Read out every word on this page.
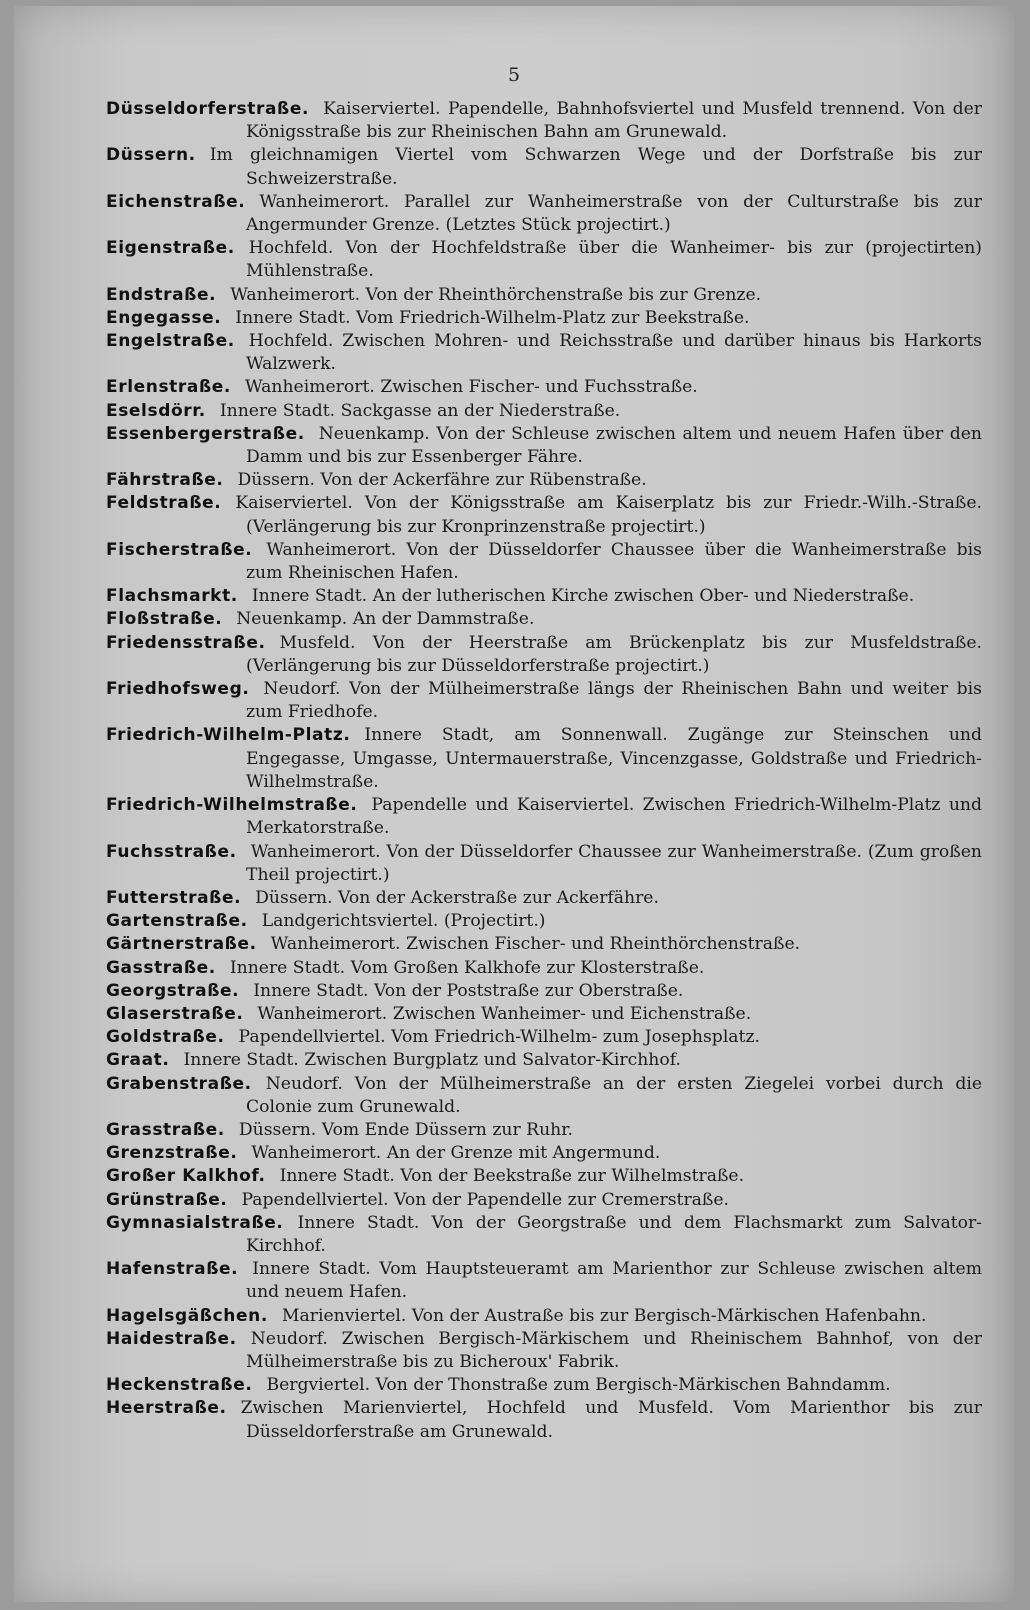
5
Düsseldorferstraße. Kaiserviertel. Papendelle, Bahnhofsviertel und Musfeld trennend. Von der Königsstraße bis zur Rheinischen Bahn am Grunewald.
Düssern. Im gleichnamigen Viertel vom Schwarzen Wege und der Dorfstraße bis zur Schweizerstraße.
Eichenstraße. Wanheimerort. Parallel zur Wanheimerstraße von der Culturstraße bis zur Angermunder Grenze. (Letztes Stück projectirt.)
Eigenstraße. Hochfeld. Von der Hochfeldstraße über die Wanheimer- bis zur (projectirten) Mühlenstraße.
Endstraße. Wanheimerort. Von der Rheinthörchenstraße bis zur Grenze.
Engegasse. Innere Stadt. Vom Friedrich-Wilhelm-Platz zur Beekstraße.
Engelstraße. Hochfeld. Zwischen Mohren- und Reichsstraße und darüber hinaus bis Harkorts Walzwerk.
Erlenstraße. Wanheimerort. Zwischen Fischer- und Fuchsstraße.
Eselsdörr. Innere Stadt. Sackgasse an der Niederstraße.
Essenbergerstraße. Neuenkamp. Von der Schleuse zwischen altem und neuem Hafen über den Damm und bis zur Essenberger Fähre.
Fährstraße. Düssern. Von der Ackerfähre zur Rübenstraße.
Feldstraße. Kaiserviertel. Von der Königsstraße am Kaiserplatz bis zur Friedr.-Wilh.-Straße. (Verlängerung bis zur Kronprinzenstraße projectirt.)
Fischerstraße. Wanheimerort. Von der Düsseldorfer Chaussee über die Wanheimerstraße bis zum Rheinischen Hafen.
Flachsmarkt. Innere Stadt. An der lutherischen Kirche zwischen Ober- und Niederstraße.
Floßstraße. Neuenkamp. An der Dammstraße.
Friedensstraße. Musfeld. Von der Heerstraße am Brückenplatz bis zur Musfeldstraße. (Verlängerung bis zur Düsseldorferstraße projectirt.)
Friedhofsweg. Neudorf. Von der Mülheimerstraße längs der Rheinischen Bahn und weiter bis zum Friedhofe.
Friedrich-Wilhelm-Platz. Innere Stadt, am Sonnenwall. Zugänge zur Steinschen und Engegasse, Umgasse, Untermauerstraße, Vincenzgasse, Goldstraße und Friedrich-Wilhelmstraße.
Friedrich-Wilhelmstraße. Papendelle und Kaiserviertel. Zwischen Friedrich-Wilhelm-Platz und Merkatorstraße.
Fuchsstraße. Wanheimerort. Von der Düsseldorfer Chaussee zur Wanheimerstraße. (Zum großen Theil projectirt.)
Futterstraße. Düssern. Von der Ackerstraße zur Ackerfähre.
Gartenstraße. Landgerichtsviertel. (Projectirt.)
Gärtnerstraße. Wanheimerort. Zwischen Fischer- und Rheinthörchenstraße.
Gasstraße. Innere Stadt. Vom Großen Kalkhofe zur Klosterstraße.
Georgstraße. Innere Stadt. Von der Poststraße zur Oberstraße.
Glaserstraße. Wanheimerort. Zwischen Wanheimer- und Eichenstraße.
Goldstraße. Papendellviertel. Vom Friedrich-Wilhelm- zum Josephsplatz.
Graat. Innere Stadt. Zwischen Burgplatz und Salvator-Kirchhof.
Grabenstraße. Neudorf. Von der Mülheimerstraße an der ersten Ziegelei vorbei durch die Colonie zum Grunewald.
Grasstraße. Düssern. Vom Ende Düssern zur Ruhr.
Grenzstraße. Wanheimerort. An der Grenze mit Angermund.
Großer Kalkhof. Innere Stadt. Von der Beekstraße zur Wilhelmstraße.
Grünstraße. Papendellviertel. Von der Papendelle zur Cremerstraße.
Gymnasialstraße. Innere Stadt. Von der Georgstraße und dem Flachsmarkt zum Salvator-Kirchhof.
Hafenstraße. Innere Stadt. Vom Hauptsteueramt am Marienthor zur Schleuse zwischen altem und neuem Hafen.
Hagelsgäßchen. Marienviertel. Von der Austraße bis zur Bergisch-Märkischen Hafenbahn.
Haidestraße. Neudorf. Zwischen Bergisch-Märkischem und Rheinischem Bahnhof, von der Mülheimerstraße bis zu Bicheroux' Fabrik.
Heckenstraße. Bergviertel. Von der Thonstraße zum Bergisch-Märkischen Bahndamm.
Heerstraße. Zwischen Marienviertel, Hochfeld und Musfeld. Vom Marienthor bis zur Düsseldorferstraße am Grunewald.
